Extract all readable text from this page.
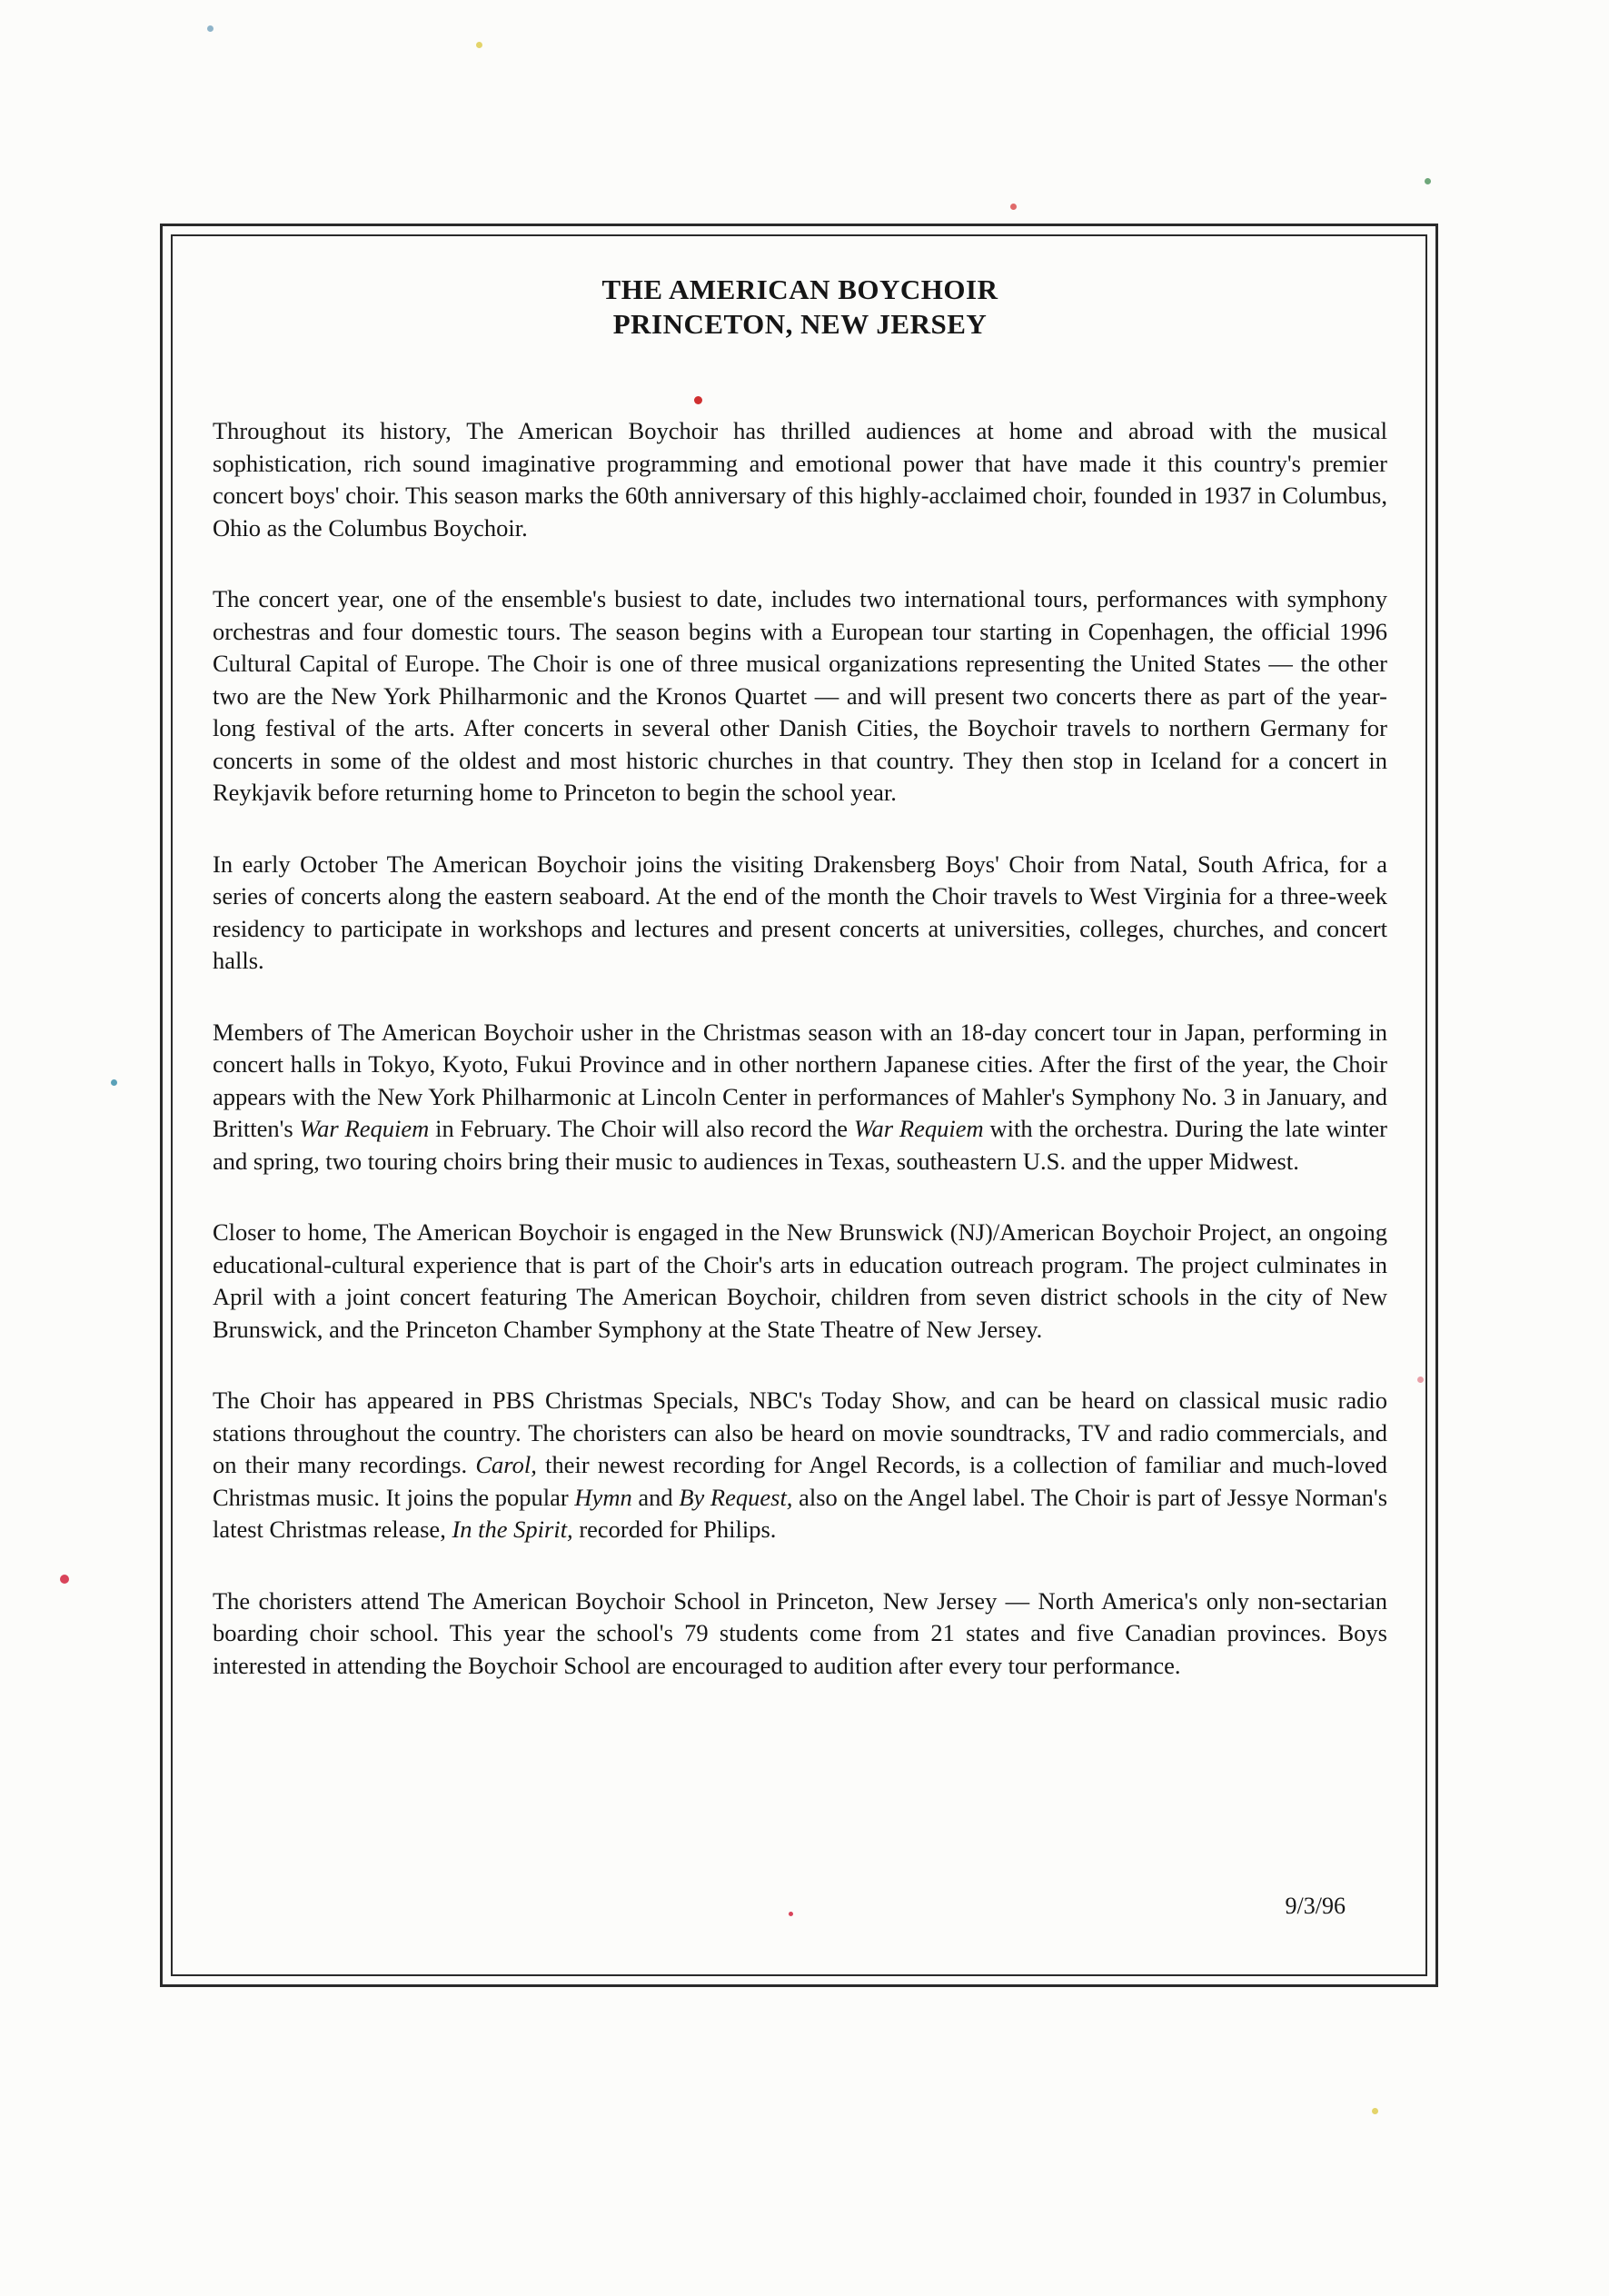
THE AMERICAN BOYCHOIR
PRINCETON, NEW JERSEY

Throughout its history, The American Boychoir has thrilled audiences at home and abroad with the musical sophistication, rich sound imaginative programming and emotional power that have made it this country's premier concert boys' choir. This season marks the 60th anniversary of this highly-acclaimed choir, founded in 1937 in Columbus, Ohio as the Columbus Boychoir.

The concert year, one of the ensemble's busiest to date, includes two international tours, performances with symphony orchestras and four domestic tours. The season begins with a European tour starting in Copenhagen, the official 1996 Cultural Capital of Europe. The Choir is one of three musical organizations representing the United States — the other two are the New York Philharmonic and the Kronos Quartet — and will present two concerts there as part of the year-long festival of the arts. After concerts in several other Danish Cities, the Boychoir travels to northern Germany for concerts in some of the oldest and most historic churches in that country. They then stop in Iceland for a concert in Reykjavik before returning home to Princeton to begin the school year.

In early October The American Boychoir joins the visiting Drakensberg Boys' Choir from Natal, South Africa, for a series of concerts along the eastern seaboard. At the end of the month the Choir travels to West Virginia for a three-week residency to participate in workshops and lectures and present concerts at universities, colleges, churches, and concert halls.

Members of The American Boychoir usher in the Christmas season with an 18-day concert tour in Japan, performing in concert halls in Tokyo, Kyoto, Fukui Province and in other northern Japanese cities. After the first of the year, the Choir appears with the New York Philharmonic at Lincoln Center in performances of Mahler's Symphony No. 3 in January, and Britten's War Requiem in February. The Choir will also record the War Requiem with the orchestra. During the late winter and spring, two touring choirs bring their music to audiences in Texas, southeastern U.S. and the upper Midwest.

Closer to home, The American Boychoir is engaged in the New Brunswick (NJ)/American Boychoir Project, an ongoing educational-cultural experience that is part of the Choir's arts in education outreach program. The project culminates in April with a joint concert featuring The American Boychoir, children from seven district schools in the city of New Brunswick, and the Princeton Chamber Symphony at the State Theatre of New Jersey.

The Choir has appeared in PBS Christmas Specials, NBC's Today Show, and can be heard on classical music radio stations throughout the country. The choristers can also be heard on movie soundtracks, TV and radio commercials, and on their many recordings. Carol, their newest recording for Angel Records, is a collection of familiar and much-loved Christmas music. It joins the popular Hymn and By Request, also on the Angel label. The Choir is part of Jessye Norman's latest Christmas release, In the Spirit, recorded for Philips.

The choristers attend The American Boychoir School in Princeton, New Jersey — North America's only non-sectarian boarding choir school. This year the school's 79 students come from 21 states and five Canadian provinces. Boys interested in attending the Boychoir School are encouraged to audition after every tour performance.

9/3/96
